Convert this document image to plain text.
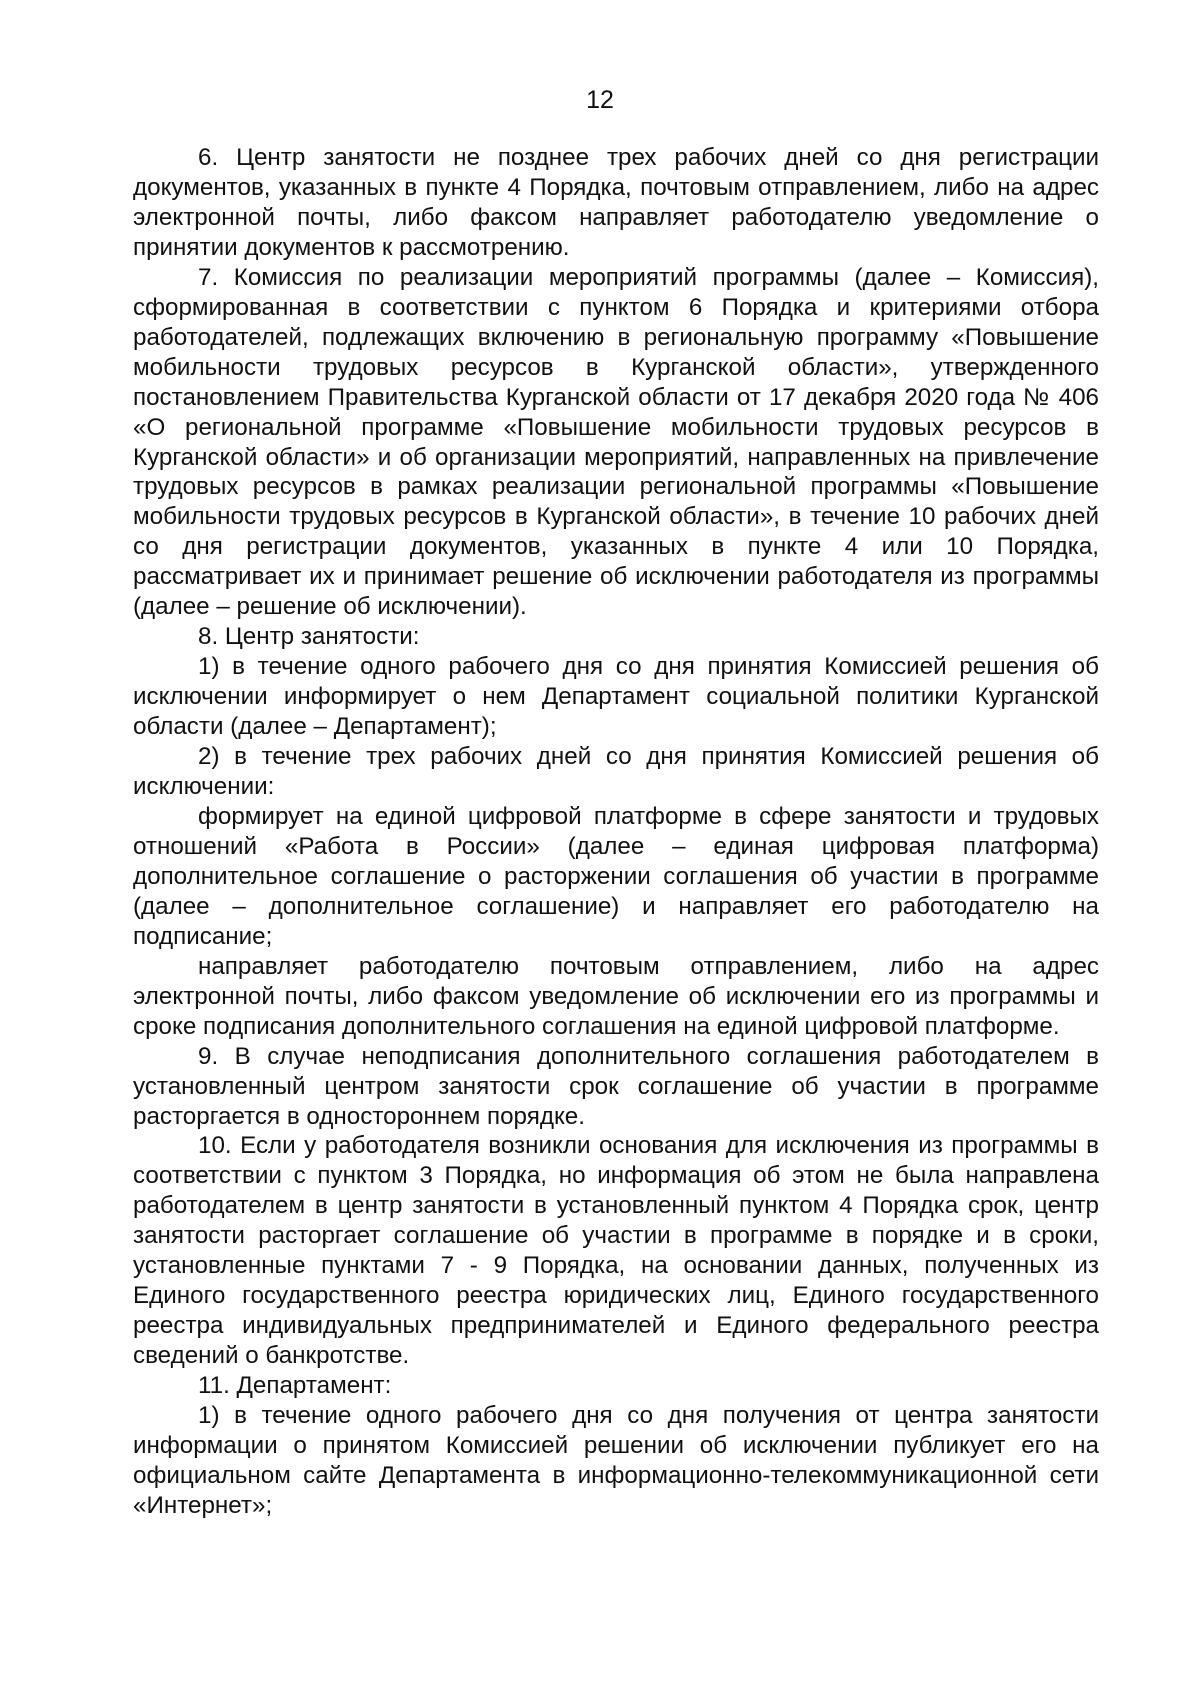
12

6. Центр занятости не позднее трех рабочих дней со дня регистрации документов, указанных в пункте 4 Порядка, почтовым отправлением, либо на адрес электронной почты, либо факсом направляет работодателю уведомление о принятии документов к рассмотрению.

7. Комиссия по реализации мероприятий программы (далее – Комиссия), сформированная в соответствии с пунктом 6 Порядка и критериями отбора работодателей, подлежащих включению в региональную программу «Повышение мобильности трудовых ресурсов в Курганской области», утвержденного постановлением Правительства Курганской области от 17 декабря 2020 года № 406 «О региональной программе «Повышение мобильности трудовых ресурсов в Курганской области» и об организации мероприятий, направленных на привлечение трудовых ресурсов в рамках реализации региональной программы «Повышение мобильности трудовых ресурсов в Курганской области», в течение 10 рабочих дней со дня регистрации документов, указанных в пункте 4 или 10 Порядка, рассматривает их и принимает решение об исключении работодателя из программы (далее – решение об исключении).

8. Центр занятости:

1) в течение одного рабочего дня со дня принятия Комиссией решения об исключении информирует о нем Департамент социальной политики Курганской области (далее – Департамент);

2) в течение трех рабочих дней со дня принятия Комиссией решения об исключении:

формирует на единой цифровой платформе в сфере занятости и трудовых отношений «Работа в России» (далее – единая цифровая платформа) дополнительное соглашение о расторжении соглашения об участии в программе (далее – дополнительное соглашение) и направляет его работодателю на подписание;

направляет работодателю почтовым отправлением, либо на адрес электронной почты, либо факсом уведомление об исключении его из программы и сроке подписания дополнительного соглашения на единой цифровой платформе.

9. В случае неподписания дополнительного соглашения работодателем в установленный центром занятости срок соглашение об участии в программе расторгается в одностороннем порядке.

10. Если у работодателя возникли основания для исключения из программы в соответствии с пунктом 3 Порядка, но информация об этом не была направлена работодателем в центр занятости в установленный пунктом 4 Порядка срок, центр занятости расторгает соглашение об участии в программе в порядке и в сроки, установленные пунктами 7 - 9 Порядка, на основании данных, полученных из Единого государственного реестра юридических лиц, Единого государственного реестра индивидуальных предпринимателей и Единого федерального реестра сведений о банкротстве.

11. Департамент:

1) в течение одного рабочего дня со дня получения от центра занятости информации о принятом Комиссией решении об исключении публикует его на официальном сайте Департамента в информационно-телекоммуникационной сети «Интернет»;
